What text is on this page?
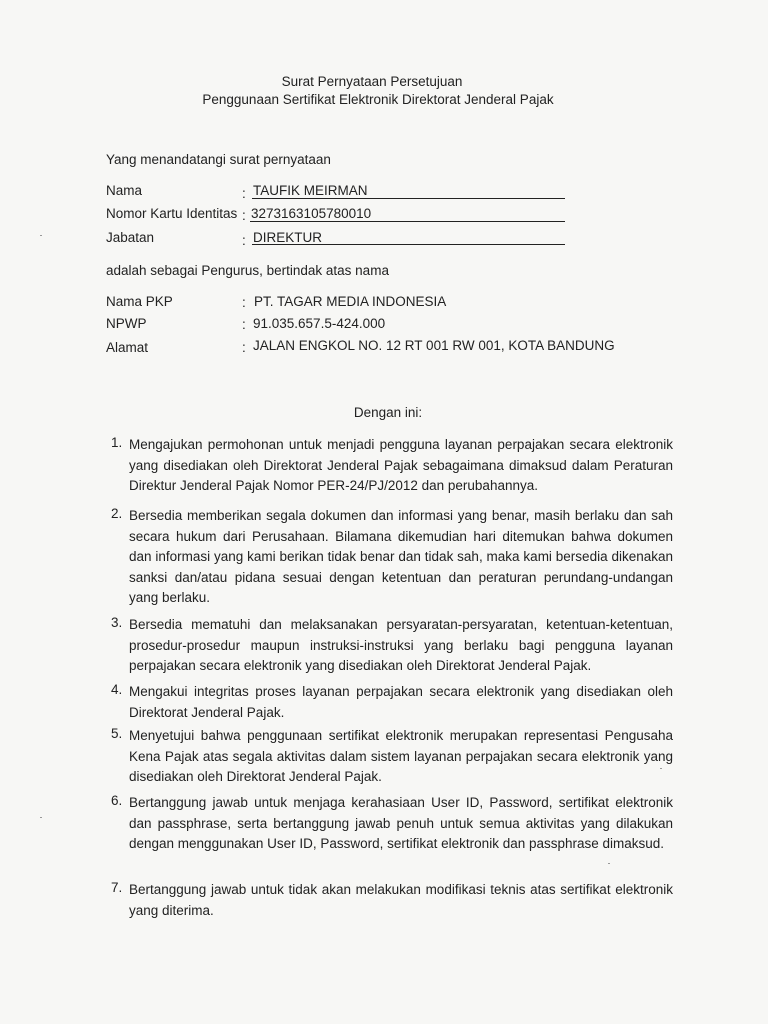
Surat Pernyataan Persetujuan
Penggunaan Sertifikat Elektronik Direktorat Jenderal Pajak
Yang menandatangi surat pernyataan
Nama	: TAUFIK MEIRMAN
Nomor Kartu Identitas : 3273163105780010
Jabatan	: DIREKTUR
adalah sebagai Pengurus, bertindak atas nama
Nama PKP	: PT. TAGAR MEDIA INDONESIA
NPWP	: 91.035.657.5-424.000
Alamat	: JALAN ENGKOL NO. 12 RT 001 RW 001, KOTA BANDUNG
Dengan ini:
1. Mengajukan permohonan untuk menjadi pengguna layanan perpajakan secara elektronik yang disediakan oleh Direktorat Jenderal Pajak sebagaimana dimaksud dalam Peraturan Direktur Jenderal Pajak Nomor PER-24/PJ/2012 dan perubahannya.
2. Bersedia memberikan segala dokumen dan informasi yang benar, masih berlaku dan sah secara hukum dari Perusahaan. Bilamana dikemudian hari ditemukan bahwa dokumen dan informasi yang kami berikan tidak benar dan tidak sah, maka kami bersedia dikenakan sanksi dan/atau pidana sesuai dengan ketentuan dan peraturan perundang-undangan yang berlaku.
3. Bersedia mematuhi dan melaksanakan persyaratan-persyaratan, ketentuan-ketentuan, prosedur-prosedur maupun instruksi-instruksi yang berlaku bagi pengguna layanan perpajakan secara elektronik yang disediakan oleh Direktorat Jenderal Pajak.
4. Mengakui integritas proses layanan perpajakan secara elektronik yang disediakan oleh Direktorat Jenderal Pajak.
5. Menyetujui bahwa penggunaan sertifikat elektronik merupakan representasi Pengusaha Kena Pajak atas segala aktivitas dalam sistem layanan perpajakan secara elektronik yang disediakan oleh Direktorat Jenderal Pajak.
6. Bertanggung jawab untuk menjaga kerahasiaan User ID, Password, sertifikat elektronik dan passphrase, serta bertanggung jawab penuh untuk semua aktivitas yang dilakukan dengan menggunakan User ID, Password, sertifikat elektronik dan passphrase dimaksud.
7. Bertanggung jawab untuk tidak akan melakukan modifikasi teknis atas sertifikat elektronik yang diterima.
